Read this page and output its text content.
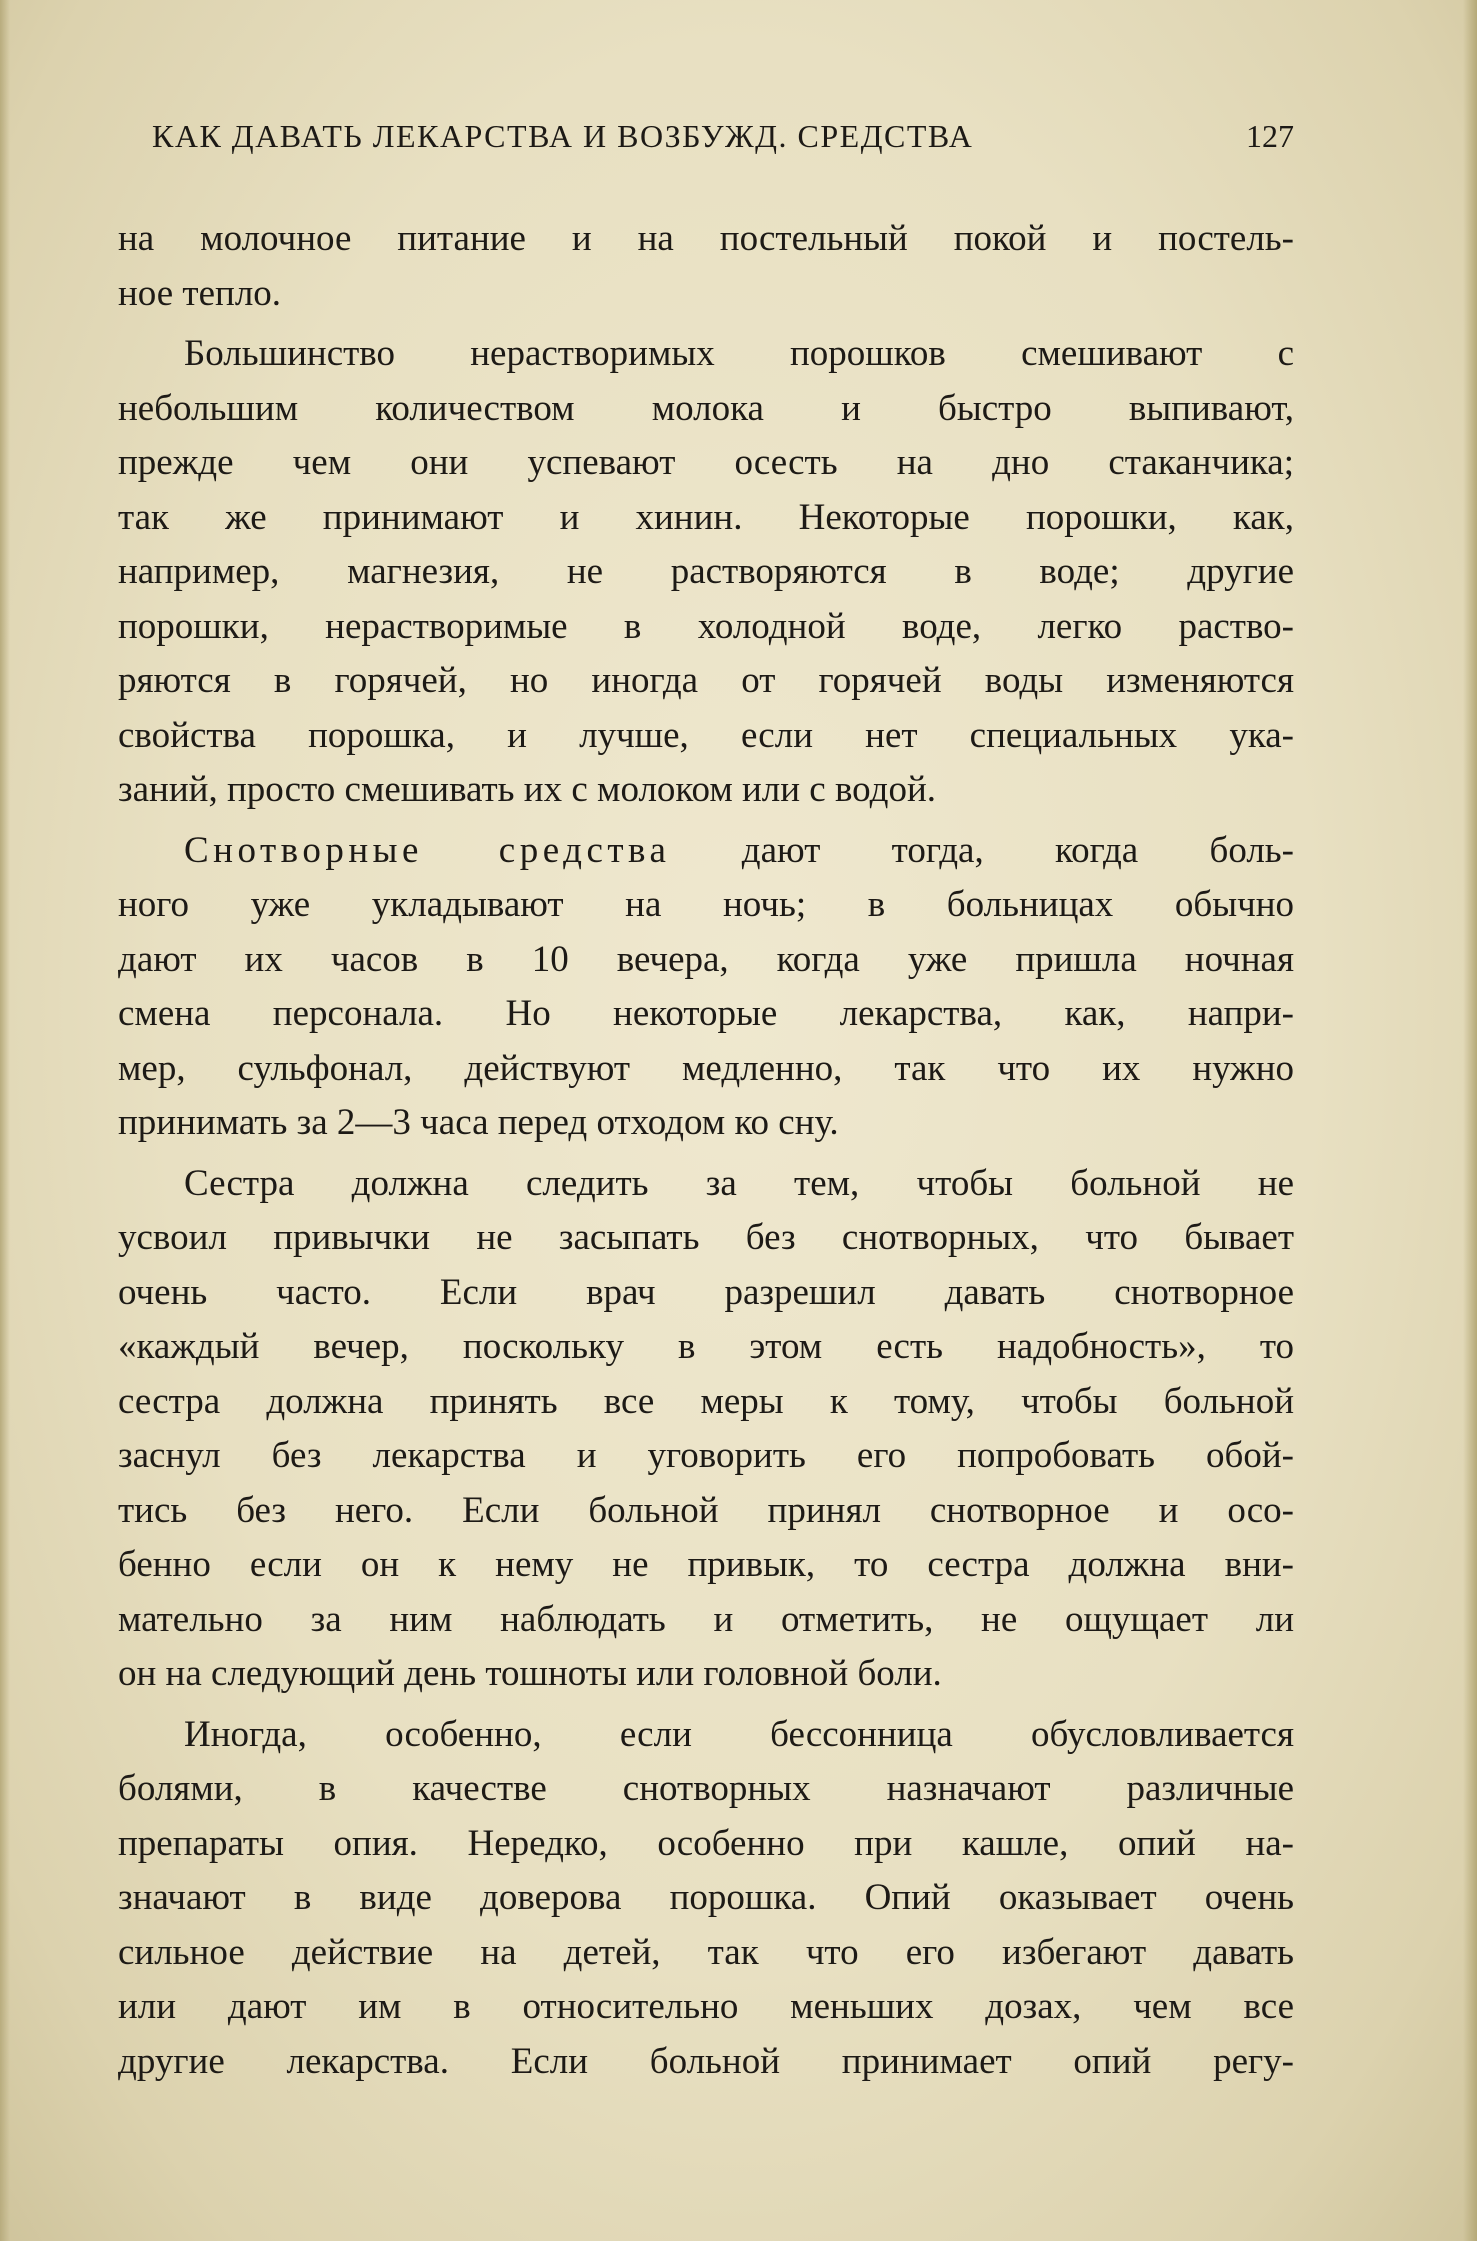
КАК ДАВАТЬ ЛЕКАРСТВА И ВОЗБУЖД. СРЕДСТВА	127
на молочное питание и на постельный покой и постель-
ное тепло.
Большинство нерастворимых порошков смешивают с
небольшим количеством молока и быстро выпивают,
прежде чем они успевают осесть на дно стаканчика;
так же принимают и хинин. Некоторые порошки, как,
например, магнезия, не растворяются в воде; другие
порошки, нерастворимые в холодной воде, легко раство-
ряются в горячей, но иногда от горячей воды изменяются
свойства порошка, и лучше, если нет специальных ука-
заний, просто смешивать их с молоком или с водой.
Снотворные средства дают тогда, когда боль-
ного уже укладывают на ночь; в больницах обычно
дают их часов в 10 вечера, когда уже пришла ночная
смена персонала. Но некоторые лекарства, как, напри-
мер, сульфонал, действуют медленно, так что их нужно
принимать за 2—3 часа перед отходом ко сну.
Сестра должна следить за тем, чтобы больной не
усвоил привычки не засыпать без снотворных, что бывает
очень часто. Если врач разрешил давать снотворное
«каждый вечер, поскольку в этом есть надобность», то
сестра должна принять все меры к тому, чтобы больной
заснул без лекарства и уговорить его попробовать обой-
тись без него. Если больной принял снотворное и осо-
бенно если он к нему не привык, то сестра должна вни-
мательно за ним наблюдать и отметить, не ощущает ли
он на следующий день тошноты или головной боли.
Иногда, особенно, если бессонница обусловливается
болями, в качестве снотворных назначают различные
препараты опия. Нередко, особенно при кашле, опий на-
значают в виде доверова порошка. Опий оказывает очень
сильное действие на детей, так что его избегают давать
или дают им в относительно меньших дозах, чем все
другие лекарства. Если больной принимает опий регу-
